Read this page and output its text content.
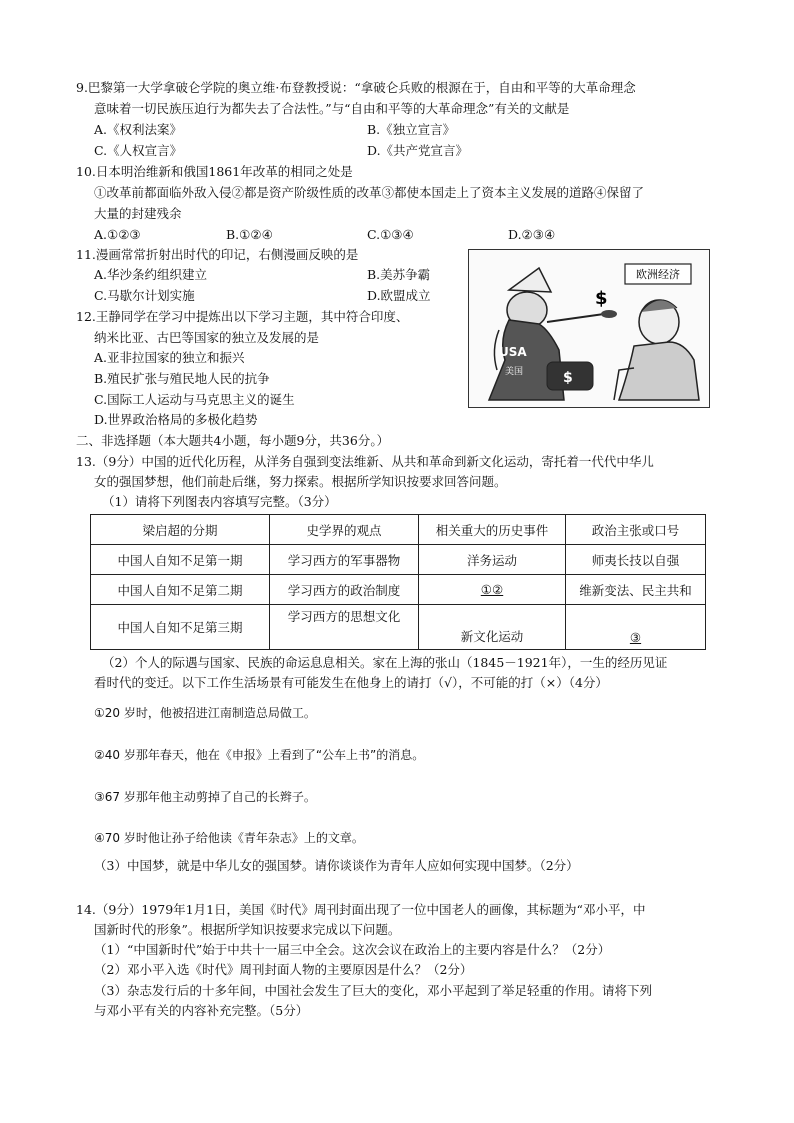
9.巴黎第一大学拿破仑学院的奥立维·布登教授说：“拿破仑兵败的根源在于，自由和平等的大革命理念
意味着一切民族压迫行为都失去了合法性。”与“自由和平等的大革命理念”有关的文献是
A.《权利法案》	B.《独立宣言》
C.《人权宣言》	D.《共产党宣言》
10.日本明治维新和俄国1861年改革的相同之处是
①改革前都面临外敌入侵②都是资产阶级性质的改革③都使本国走上了资本主义发展的道路④保留了
大量的封建残余
A.①②③	B.①②④	C.①③④	D.②③④
11.漫画常常折射出时代的印记，右侧漫画反映的是
A.华沙条约组织建立	B.美苏争霸
C.马歇尔计划实施	D.欧盟成立
欧洲经济
USA
美国
$
$
12.王静同学在学习中提炼出以下学习主题，其中符合印度、
纳米比亚、古巴等国家的独立及发展的是
A.亚非拉国家的独立和振兴
B.殖民扩张与殖民地人民的抗争
C.国际工人运动与马克思主义的诞生
D.世界政治格局的多极化趋势
二、非选择题（本大题共4小题，每小题9分，共36分。）
13.（9分）中国的近代化历程，从洋务自强到变法维新、从共和革命到新文化运动，寄托着一代代中华儿
女的强国梦想，他们前赴后继，努力探索。根据所学知识按要求回答问题。
（1）请将下列图表内容填写完整。（3分）
梁启超的分期	史学界的观点	相关重大的历史事件	政治主张或口号
中国人自知不足第一期	学习西方的军事器物	洋务运动	师夷长技以自强
中国人自知不足第二期	学习西方的政治制度	①②	维新变法、民主共和
中国人自知不足第三期	学习西方的思想文化	新文化运动	③
（2）个人的际遇与国家、民族的命运息息相关。家在上海的张山（1845－1921年），一生的经历见证
看时代的变迁。以下工作生活场景有可能发生在他身上的请打（√），不可能的打（×）（4分）
①20 岁时，他被招进江南制造总局做工。
②40 岁那年春天，他在《申报》上看到了“公车上书”的消息。
③67 岁那年他主动剪掉了自己的长辫子。
④70 岁时他让孙子给他读《青年杂志》上的文章。
（3）中国梦，就是中华儿女的强国梦。请你谈谈作为青年人应如何实现中国梦。（2分）
14.（9分）1979年1月1日，美国《时代》周刊封面出现了一位中国老人的画像，其标题为“邓小平，中
国新时代的形象”。根据所学知识按要求完成以下问题。
（1）“中国新时代”始于中共十一届三中全会。这次会议在政治上的主要内容是什么？（2分）
（2）邓小平入选《时代》周刊封面人物的主要原因是什么？（2分）
（3）杂志发行后的十多年间，中国社会发生了巨大的变化，邓小平起到了举足轻重的作用。请将下列
与邓小平有关的内容补充完整。（5分）
